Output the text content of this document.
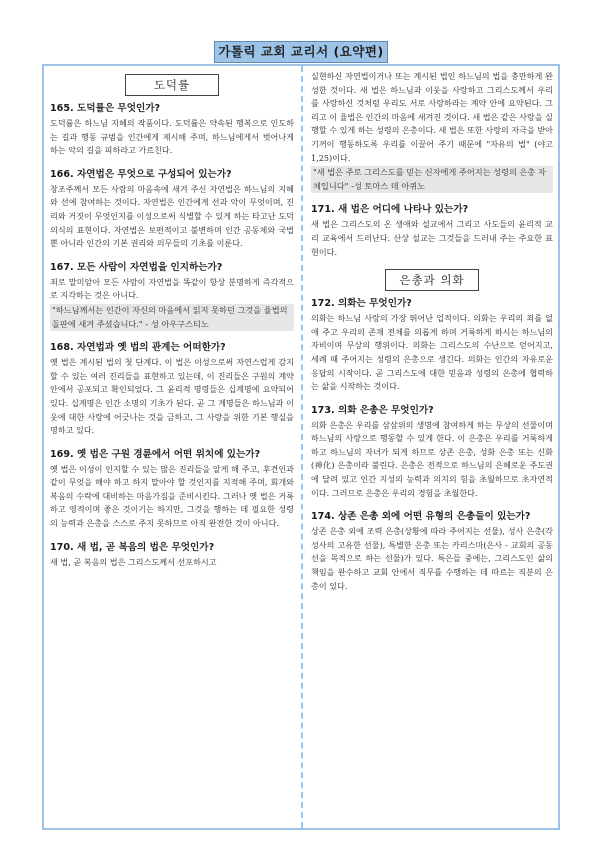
가톨릭 교회 교리서 (요약편)
도덕률

165. 도덕률은 무엇인가?

도덕률은 하느님 지혜의 작품이다. 도덕률은 약속된 행복으로 인도하는 길과 행동 규범을 인간에게 제시해 주며, 하느님에게서 벗어나게 하는 악의 길을 피하라고 가르친다.

166. 자연법은 무엇으로 구성되어 있는가?

창조주께서 모든 사람의 마음속에 새겨 주신 자연법은 하느님의 지혜와 선에 참여하는 것이다. 자연법은 인간에게 선과 악이 무엇이며, 진리와 거짓이 무엇인지를 이성으로써 식별할 수 있게 하는 타고난 도덕의식의 표현이다. 자연법은 보편적이고 불변하며 인간 공동체와 국법뿐 아니라 인간의 기본 권리와 의무들의 기초를 이룬다.

167. 모든 사람이 자연법을 인지하는가?

죄로 말미암아 모든 사람이 자연법을 똑같이 항상 분명하게 즉각적으로 지각하는 것은 아니다.

"하느님께서는 인간이 자신의 마음에서 읽지 못하던 그것을 율법의 돌판에 새겨 주셨습니다." - 성 아우구스티노

168. 자연법과 옛 법의 관계는 어떠한가?

옛 법은 계시된 법의 첫 단계다. 이 법은 이성으로써 자연스럽게 감지할 수 있는 여러 진리들을 표현하고 있는데, 이 진리들은 구원의 계약 안에서 공포되고 확인되었다. 그 윤리적 명령들은 십계명에 요약되어 있다. 십계명은 인간 소명의 기초가 된다. 곧 그 계명들은 하느님과 이웃에 대한 사랑에 어긋나는 것을 금하고, 그 사랑을 위한 기본 행실을 명하고 있다.

169. 옛 법은 구원 경륜에서 어떤 위치에 있는가?

옛 법은 이성이 인지할 수 있는 많은 진리들을 알게 해 주고, 후견인과 같이 무엇을 해야 하고 하지 말아야 할 것인지를 지적해 주며, 회개와 복음의 수락에 대비하는 마음가짐을 준비시킨다. 그러나 옛 법은 거룩하고 영적이며 좋은 것이기는 하지만, 그것을 행하는 데 필요한 성령의 능력과 은총을 스스로 주지 못하므로 아직 완전한 것이 아니다.

170. 새 법, 곧 복음의 법은 무엇인가?

새 법, 곧 복음의 법은 그리스도께서 선포하시고

실현하신 자연법이거나 또는 계시된 법인 하느님의 법을 충만하게 완성한 것이다. 새 법은 하느님과 이웃을 사랑하고 그리스도께서 우리를 사랑하신 것처럼 우리도 서로 사랑하라는 계약 안에 요약된다. 그리고 이 율법은 인간의 마음에 새겨진 것이다. 새 법은 같은 사랑을 실행할 수 있게 하는 성령의 은총이다. 새 법은 또한 사랑의 자극을 받아 기꺼이 행동하도록 우리를 이끌어 주기 때문에 "자유의 법" (야고 1,25)이다.

"새 법은 주로 그리스도를 믿는 신자에게 주어지는 성령의 은총 자체입니다" -성 토마스 데 아퀴노

171. 새 법은 어디에 나타나 있는가?

새 법은 그리스도의 온 생애와 설교에서 그리고 사도들의 윤리적 교리 교육에서 드러난다. 산상 설교는 그것들을 드러내 주는 주요한 표현이다.

은총과 의화

172. 의화는 무엇인가?

의화는 하느님 사랑의 가장 뛰어난 업적이다. 의화는 우리의 죄를 없애 주고 우리의 존재 전체를 의롭게 하며 거룩하게 하시는 하느님의 자비이며 무상의 행위이다. 의화는 그리스도의 수난으로 얻어지고, 세례 때 주어지는 성령의 은총으로 생긴다. 의화는 인간의 자유로운 응답의 시작이다. 곧 그리스도에 대한 믿음과 성령의 은총에 협력하는 삶을 시작하는 것이다.

173. 의화 은총은 무엇인가?

의화 은총은 우리를 삼삼위의 생명에 참여하게 하는 무상의 선물이며 하느님의 사랑으로 행동할 수 있게 한다. 이 은총은 우리를 거룩하게 하고 하느님의 자녀가 되게 하므로 상존 은총, 성화 은총 또는 신화(神化) 은총이라 불린다. 은총은 전적으로 하느님의 은혜로운 주도권에 달려 있고 인간 지성의 능력과 의지의 힘을 초월하므로 초자연적이다. 그러므로 은총은 우리의 경험을 초월한다.

174. 상존 은총 외에 어떤 유형의 은총들이 있는가?

상존 은총 외에 조력 은총(상황에 따라 주어지는 선물), 성사 은총(각 성사의 고유한 선물), 특별한 은총 또는 카리스마(은사 - 교회의 공동선을 목적으로 하는 선물)가 있다. 특은들 중에는, 그리스도인 삶의 책임을 완수하고 교회 안에서 직무를 수행하는 데 따르는 직분의 은총이 있다.
